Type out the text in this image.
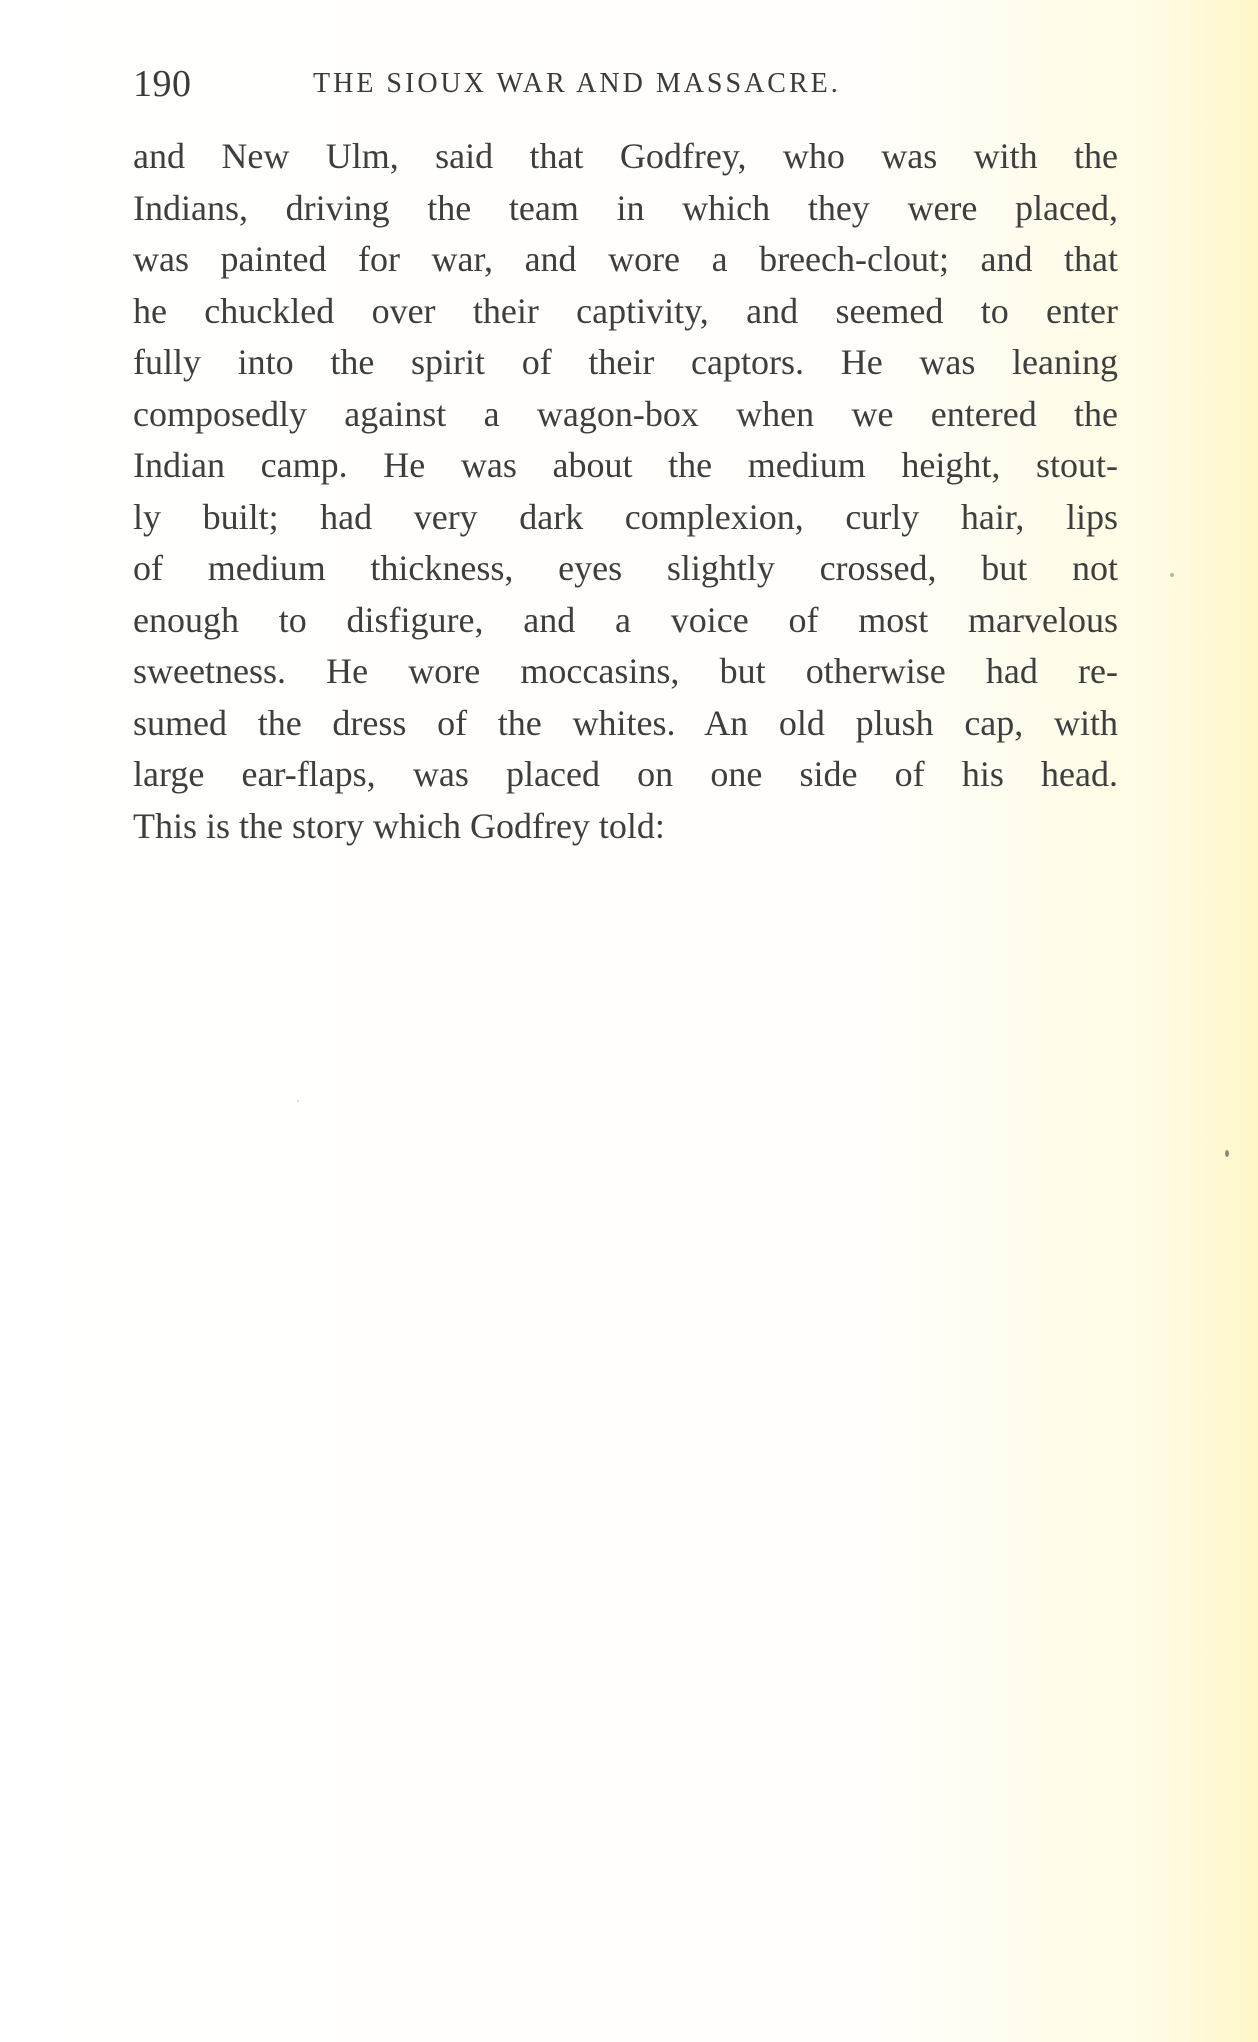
190	THE SIOUX WAR AND MASSACRE.
and New Ulm, said that Godfrey, who was with the
Indians, driving the team in which they were placed,
was painted for war, and wore a breech-clout; and that
he chuckled over their captivity, and seemed to enter
fully into the spirit of their captors. He was leaning
composedly against a wagon-box when we entered the
Indian camp. He was about the medium height, stout-
ly built; had very dark complexion, curly hair, lips
of medium thickness, eyes slightly crossed, but not
enough to disfigure, and a voice of most marvelous
sweetness. He wore moccasins, but otherwise had re-
sumed the dress of the whites. An old plush cap, with
large ear-flaps, was placed on one side of his head.
This is the story which Godfrey told:
